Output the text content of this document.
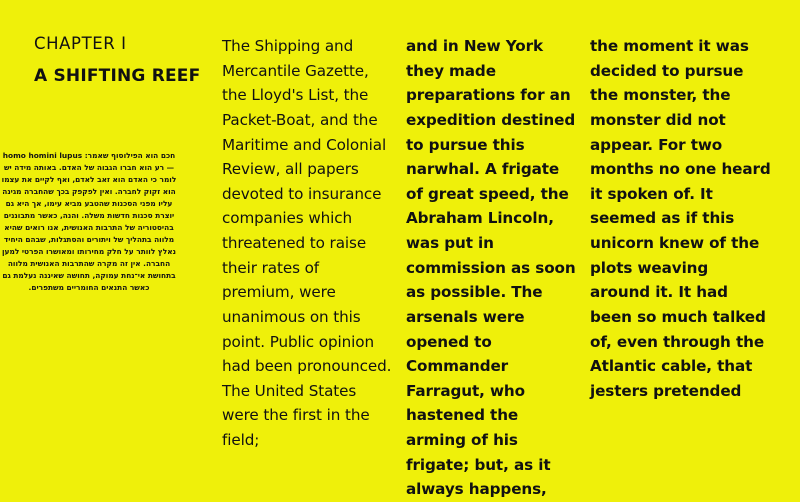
CHAPTER I
A SHIFTING REEF
חכם הוא הפילוסוף שאמר: homo homini lupus — רע הוא חברו הגבוה של האדם. באותה מידה יש לומר כי האדם הוא זאב לאדם, ואף לקיים את עצמו הוא זקוק לחברה. ואין לפקפק בכך שהחברה מגינה עליו מפני הסכנות שהטבע מביא עימו, אך היא גם יוצרת סכנות חדשות משלה. והנה, כאשר מתבוננים בהיסטוריה של התרבות האנושית, אנו רואים שהיא מלווה בתהליך של ויתורים והסתגלות, שבהם היחיד נאלץ לוותר על חלק מחירותו ומאושרו הפרטי למען החברה. אין זה מקרה שהתרבות האנושית מלווה בתחושת אי־נחת עמוקה, תחושה שאיננה נעלמת גם כאשר התנאים החומריים משתפרים.

The Shipping and Mercantile Gazette, the Lloyd's List, the Packet-Boat, and the Maritime and Colonial Review, all papers devoted to insurance companies which threatened to raise their rates of premium, were unanimous on this point. Public opinion had been pronounced. The United States were the first in the field;

and in New York they made preparations for an expedition destined to pursue this narwhal. A frigate of great speed, the Abraham Lincoln, was put in commission as soon as possible. The arsenals were opened to Commander Farragut, who hastened the arming of his frigate; but, as it always happens,

the moment it was decided to pursue the monster, the monster did not appear. For two months no one heard it spoken of. It seemed as if this unicorn knew of the plots weaving around it. It had been so much talked of, even through the Atlantic cable, that jesters pretended
